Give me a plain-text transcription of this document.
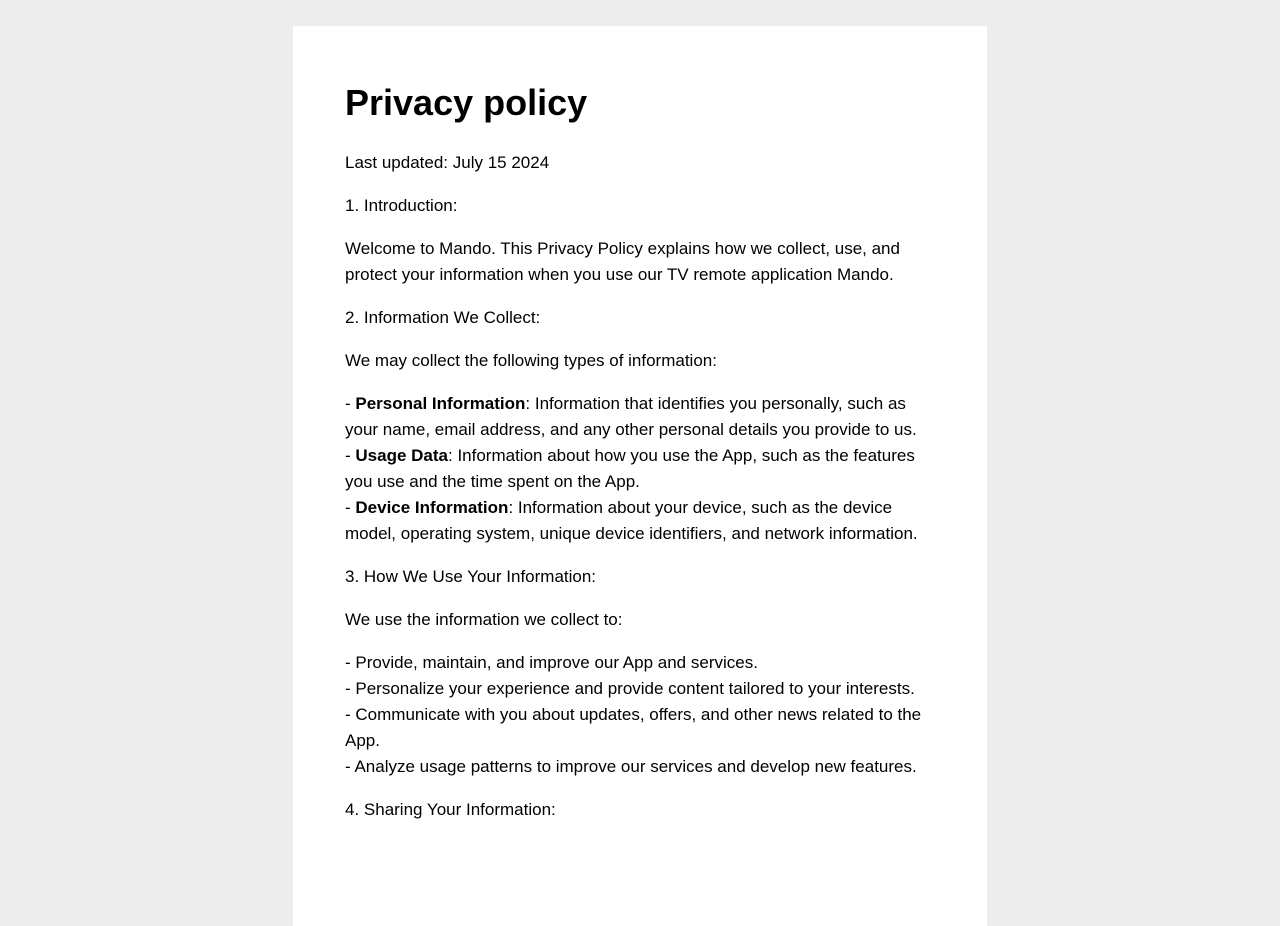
Privacy policy

Last updated: July 15 2024

1. Introduction:

Welcome to Mando. This Privacy Policy explains how we collect, use, and protect your information when you use our TV remote application Mando.

2. Information We Collect:

We may collect the following types of information:

- Personal Information: Information that identifies you personally, such as your name, email address, and any other personal details you provide to us.
- Usage Data: Information about how you use the App, such as the features you use and the time spent on the App.
- Device Information: Information about your device, such as the device model, operating system, unique device identifiers, and network information.

3. How We Use Your Information:

We use the information we collect to:

- Provide, maintain, and improve our App and services.
- Personalize your experience and provide content tailored to your interests.
- Communicate with you about updates, offers, and other news related to the App.
- Analyze usage patterns to improve our services and develop new features.

4. Sharing Your Information:
